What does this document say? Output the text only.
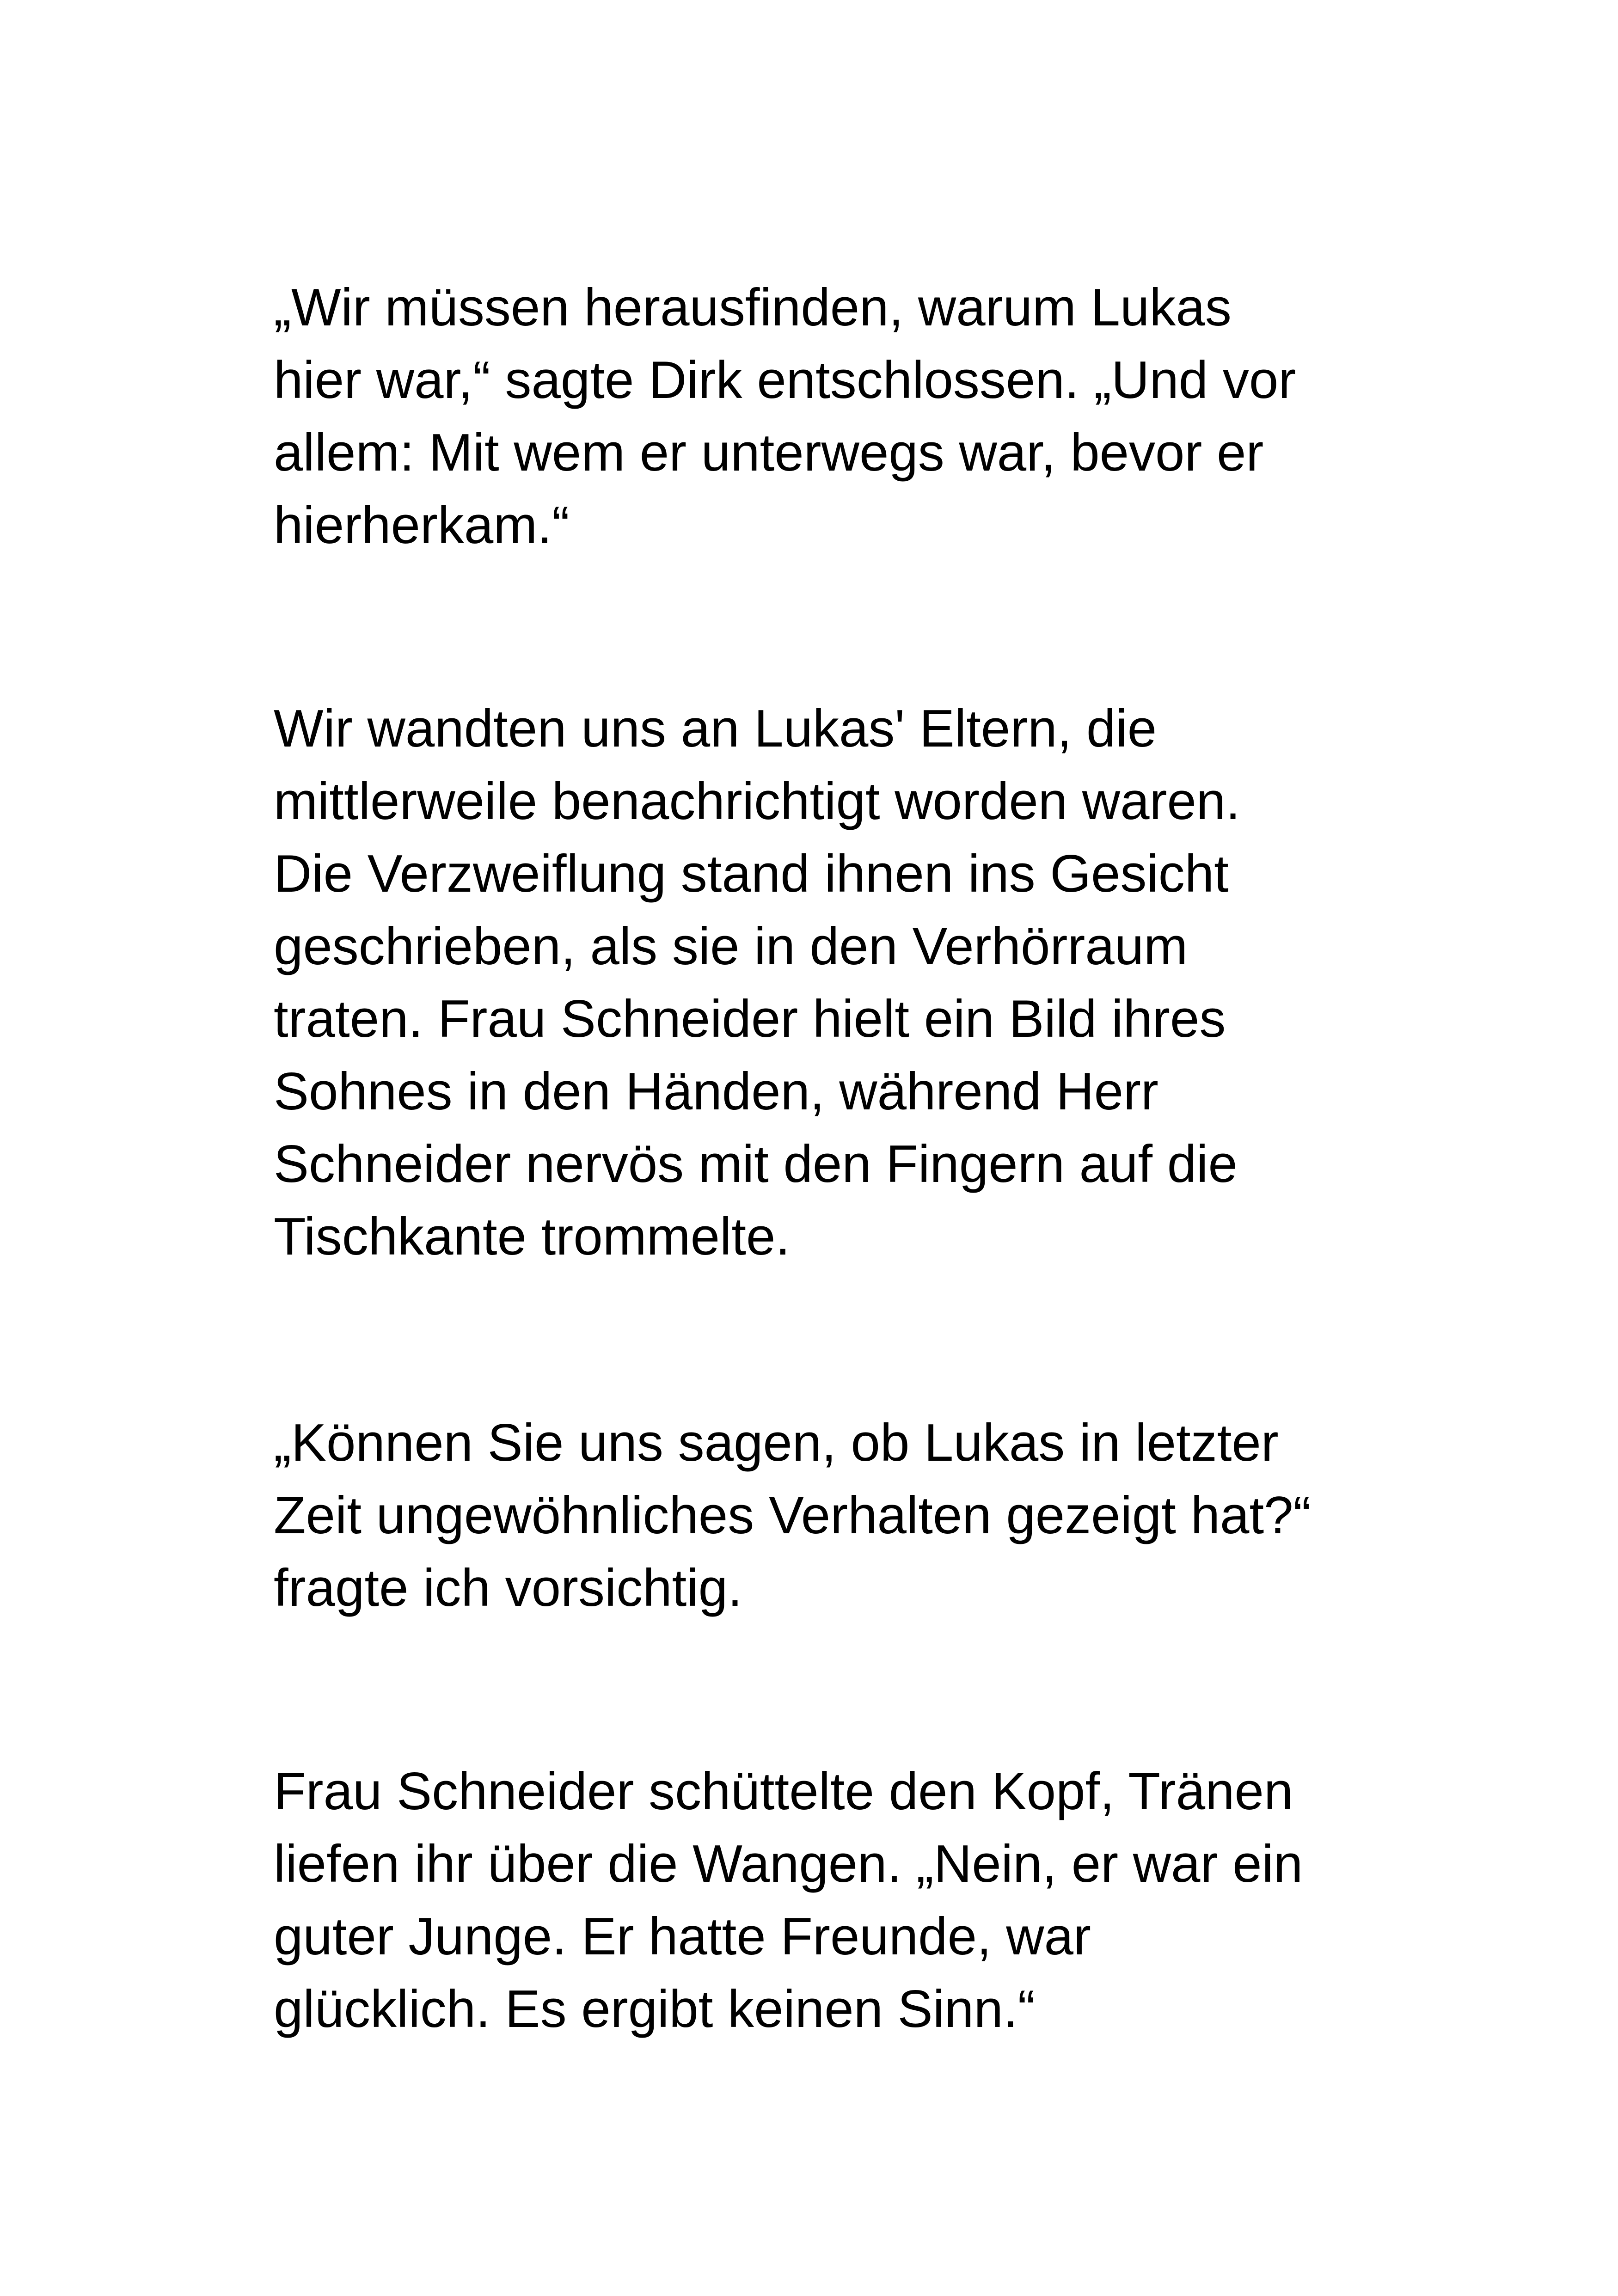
„Wir müssen herausfinden, warum Lukas
hier war,“ sagte Dirk entschlossen. „Und vor
allem: Mit wem er unterwegs war, bevor er
hierherkam.“
Wir wandten uns an Lukas' Eltern, die
mittlerweile benachrichtigt worden waren.
Die Verzweiflung stand ihnen ins Gesicht
geschrieben, als sie in den Verhörraum
traten. Frau Schneider hielt ein Bild ihres
Sohnes in den Händen, während Herr
Schneider nervös mit den Fingern auf die
Tischkante trommelte.
„Können Sie uns sagen, ob Lukas in letzter
Zeit ungewöhnliches Verhalten gezeigt hat?“
fragte ich vorsichtig.
Frau Schneider schüttelte den Kopf, Tränen
liefen ihr über die Wangen. „Nein, er war ein
guter Junge. Er hatte Freunde, war
glücklich. Es ergibt keinen Sinn.“
